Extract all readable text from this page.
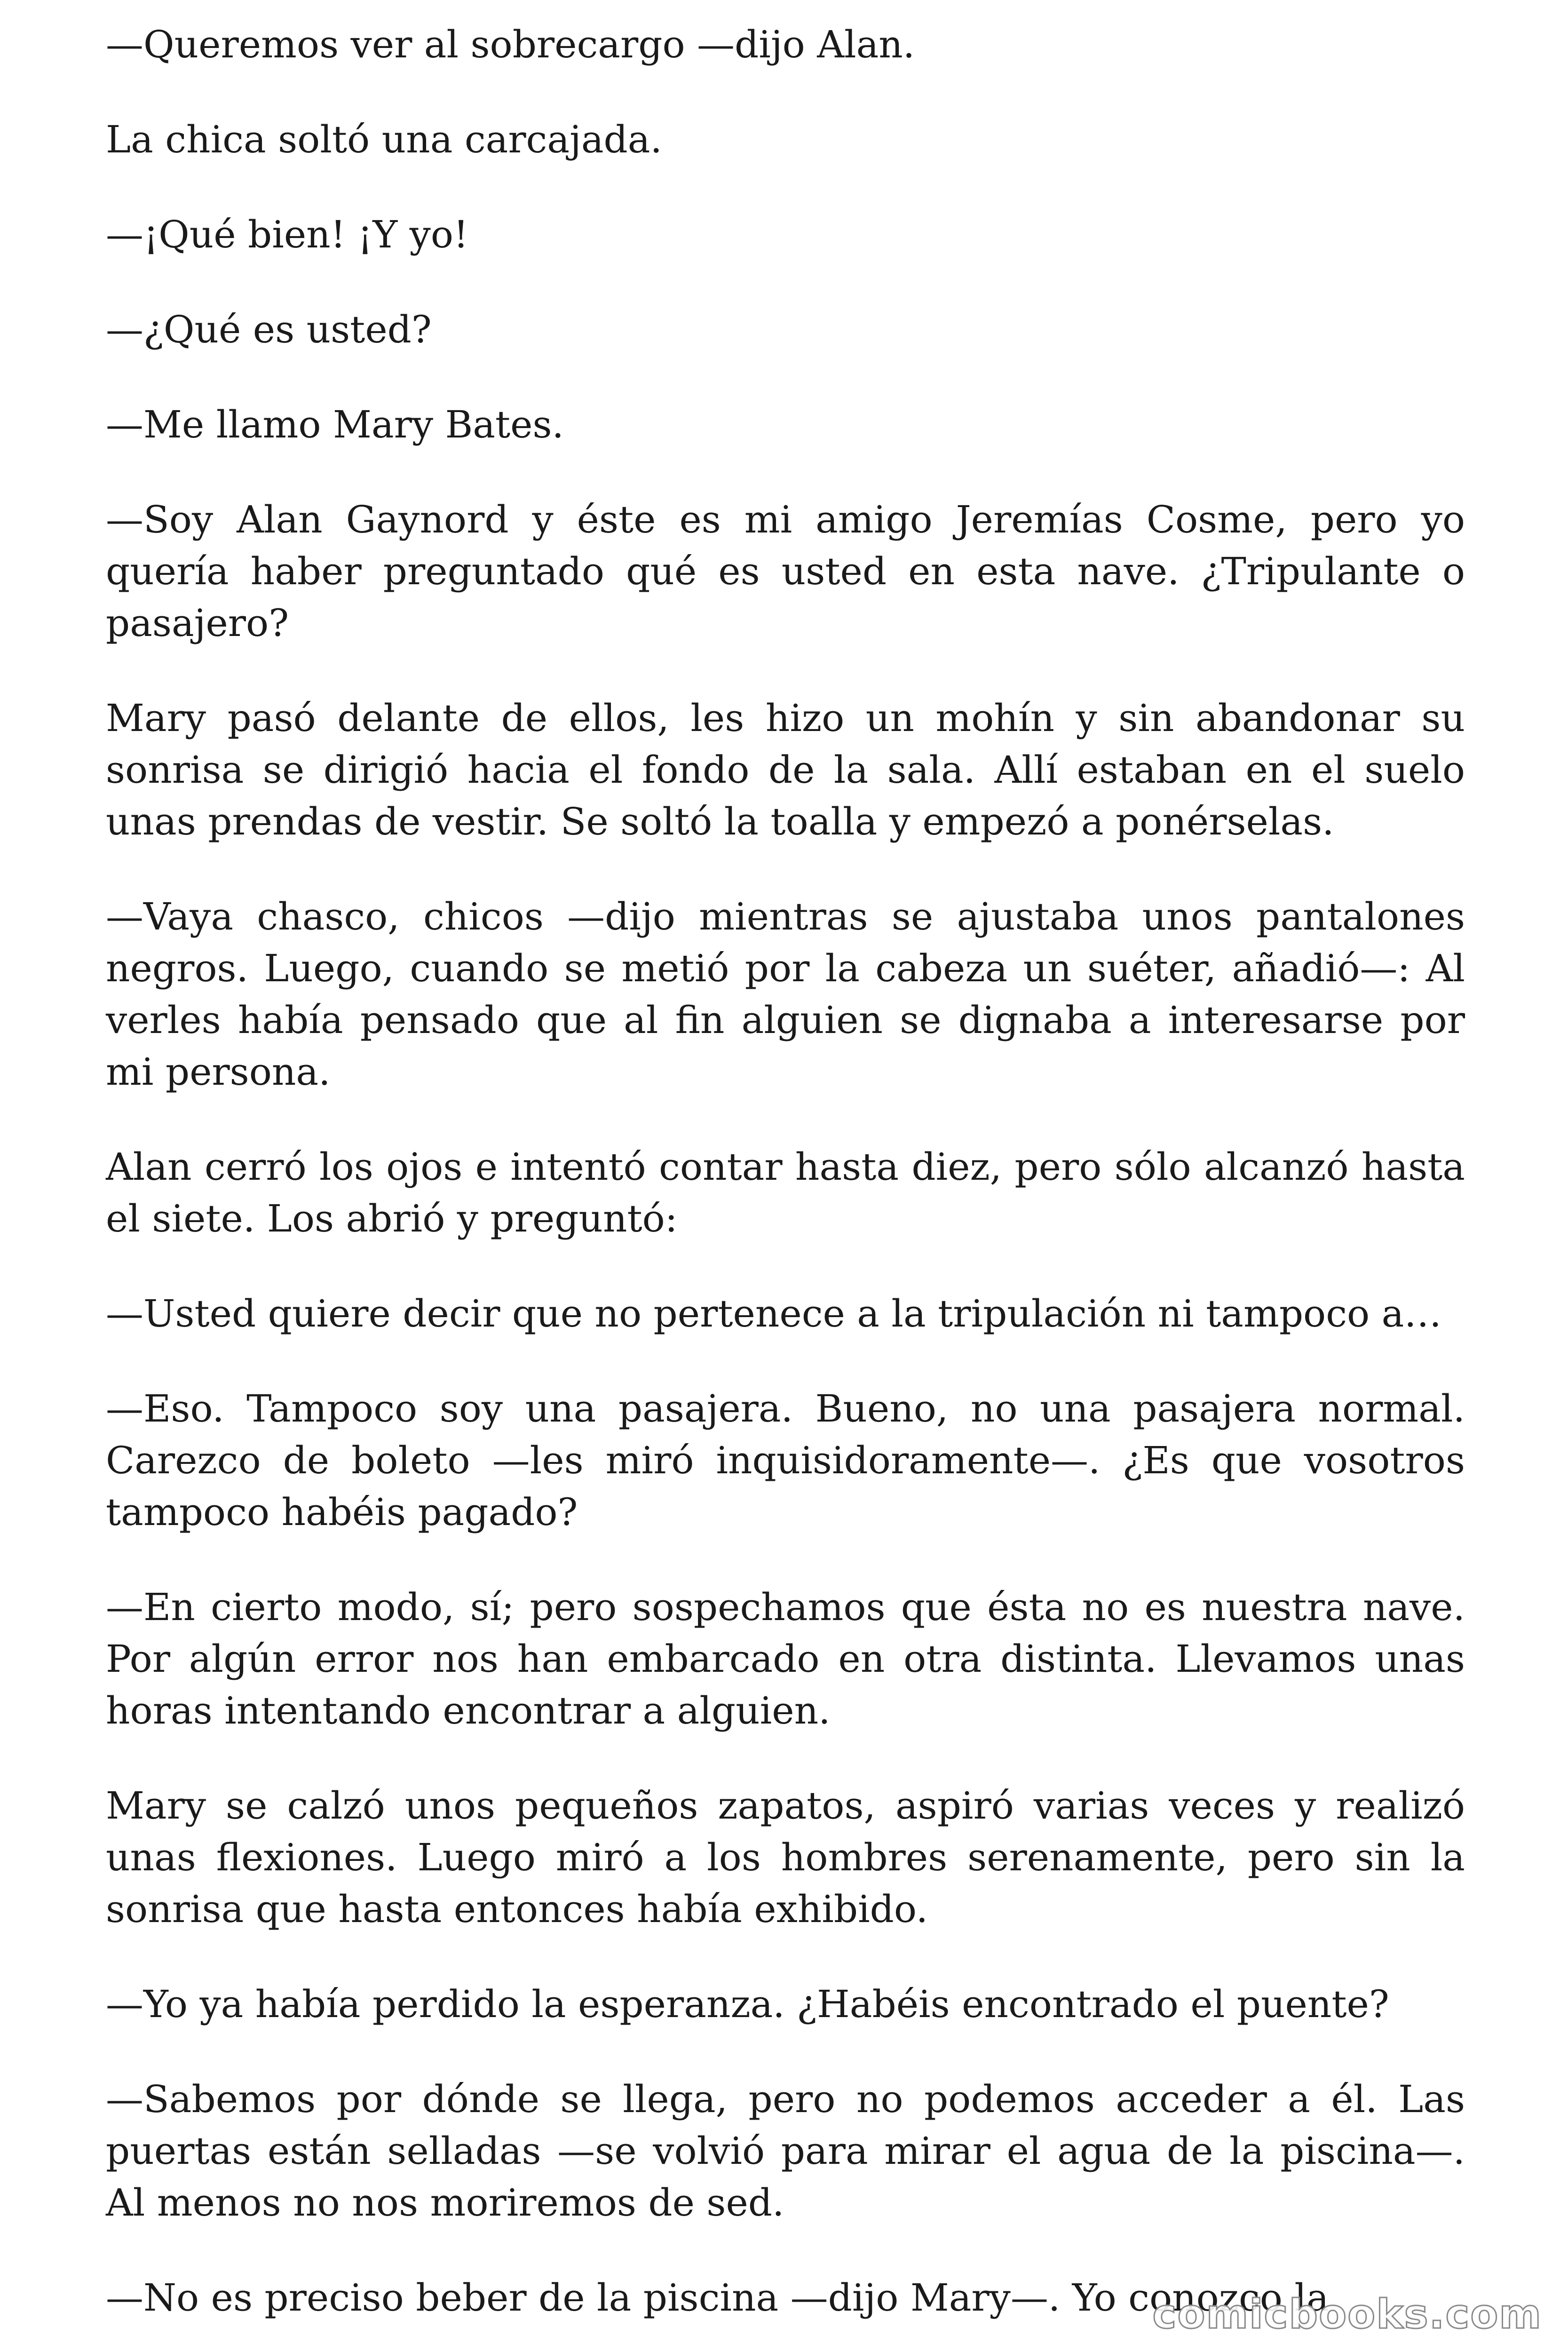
—Queremos ver al sobrecargo —dijo Alan.

La chica soltó una carcajada.

—¡Qué bien! ¡Y yo!

—¿Qué es usted?

—Me llamo Mary Bates.

—Soy Alan Gaynord y éste es mi amigo Jeremías Cosme, pero yo quería haber preguntado qué es usted en esta nave. ¿Tripulante o pasajero?

Mary pasó delante de ellos, les hizo un mohín y sin abandonar su sonrisa se dirigió hacia el fondo de la sala. Allí estaban en el suelo unas prendas de vestir. Se soltó la toalla y empezó a ponérselas.

—Vaya chasco, chicos —dijo mientras se ajustaba unos pantalones negros. Luego, cuando se metió por la cabeza un suéter, añadió—: Al verles había pensado que al fin alguien se dignaba a interesarse por mi persona.

Alan cerró los ojos e intentó contar hasta diez, pero sólo alcanzó hasta el siete. Los abrió y preguntó:

—Usted quiere decir que no pertenece a la tripulación ni tampoco a…

—Eso. Tampoco soy una pasajera. Bueno, no una pasajera normal. Carezco de boleto —les miró inquisidoramente—. ¿Es que vosotros tampoco habéis pagado?

—En cierto modo, sí; pero sospechamos que ésta no es nuestra nave. Por algún error nos han embarcado en otra distinta. Llevamos unas horas intentando encontrar a alguien.

Mary se calzó unos pequeños zapatos, aspiró varias veces y realizó unas flexiones. Luego miró a los hombres serenamente, pero sin la sonrisa que hasta entonces había exhibido.

—Yo ya había perdido la esperanza. ¿Habéis encontrado el puente?

—Sabemos por dónde se llega, pero no podemos acceder a él. Las puertas están selladas —se volvió para mirar el agua de la piscina—. Al menos no nos moriremos de sed.

—No es preciso beber de la piscina —dijo Mary—. Yo conozco la

comicbooks.com
